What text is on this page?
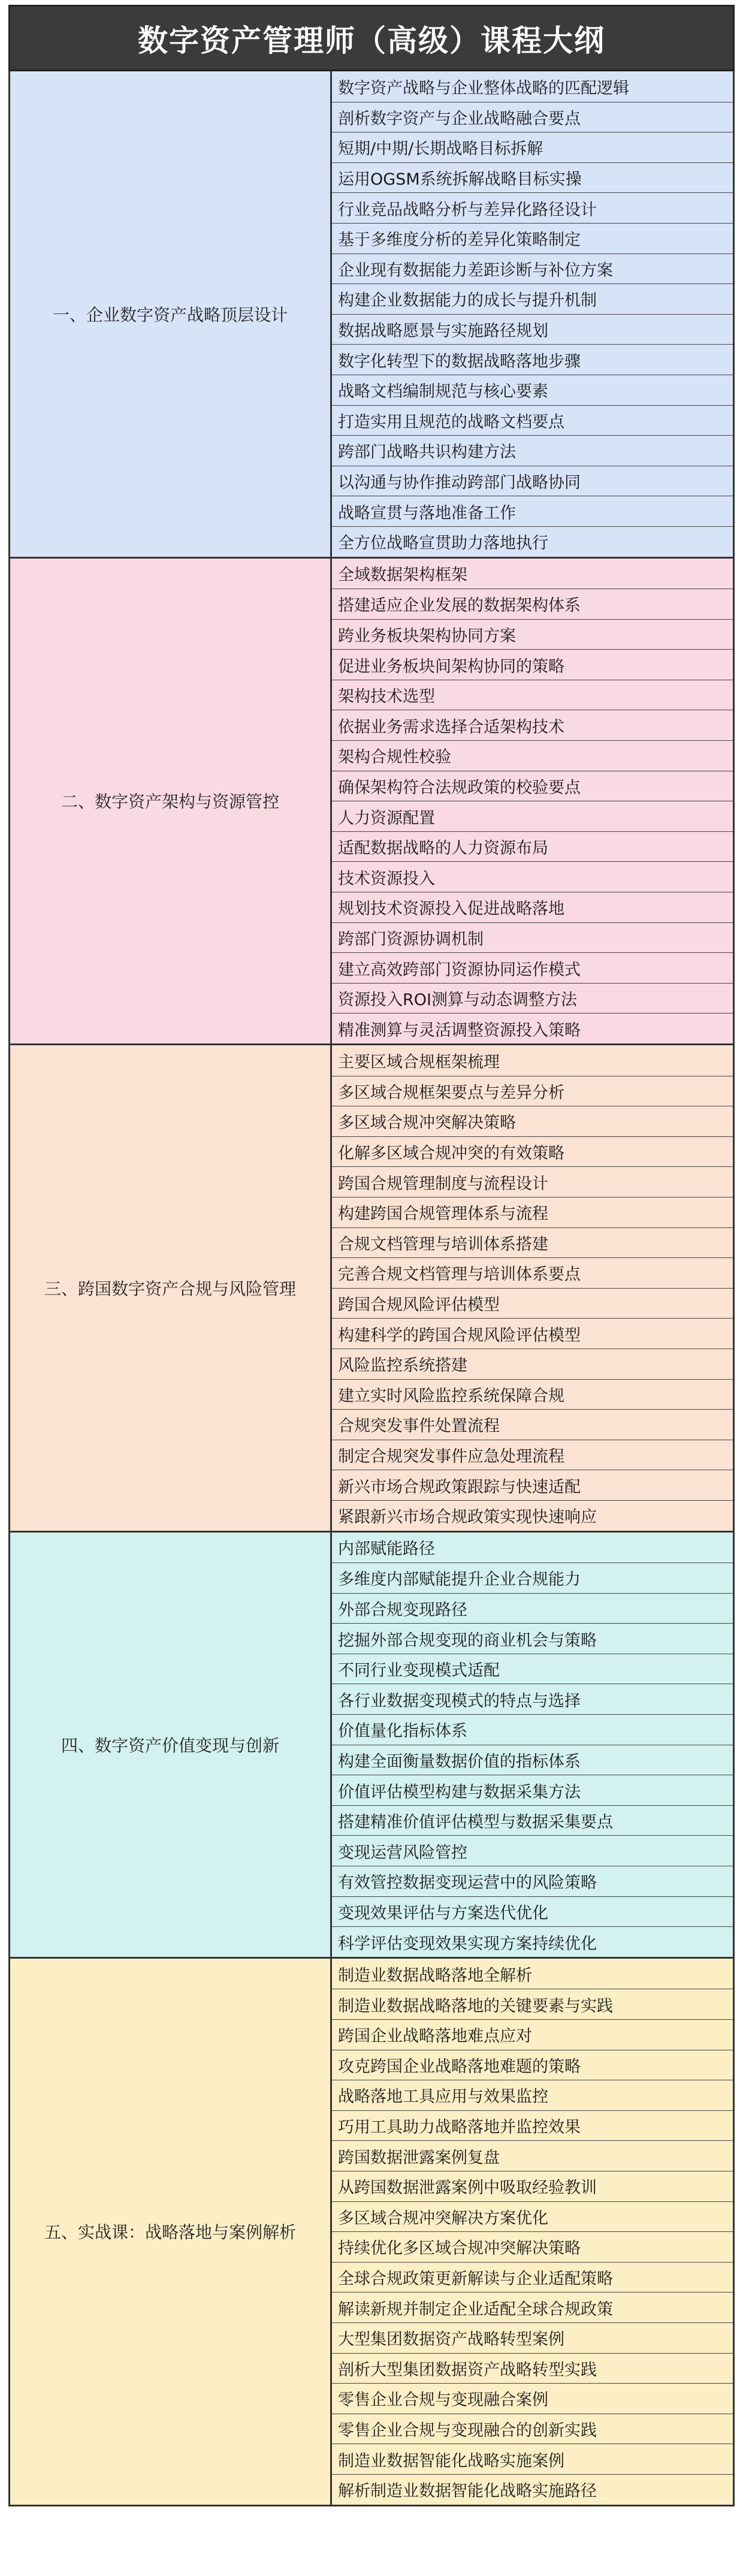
数字资产管理师（高级）课程大纲
一、企业数字资产战略顶层设计
数字资产战略与企业整体战略的匹配逻辑
剖析数字资产与企业战略融合要点
短期/中期/长期战略目标拆解
运用OGSM系统拆解战略目标实操
行业竞品战略分析与差异化路径设计
基于多维度分析的差异化策略制定
企业现有数据能力差距诊断与补位方案
构建企业数据能力的成长与提升机制
数据战略愿景与实施路径规划
数字化转型下的数据战略落地步骤
战略文档编制规范与核心要素
打造实用且规范的战略文档要点
跨部门战略共识构建方法
以沟通与协作推动跨部门战略协同
战略宣贯与落地准备工作
全方位战略宣贯助力落地执行
二、数字资产架构与资源管控
全域数据架构框架
搭建适应企业发展的数据架构体系
跨业务板块架构协同方案
促进业务板块间架构协同的策略
架构技术选型
依据业务需求选择合适架构技术
架构合规性校验
确保架构符合法规政策的校验要点
人力资源配置
适配数据战略的人力资源布局
技术资源投入
规划技术资源投入促进战略落地
跨部门资源协调机制
建立高效跨部门资源协同运作模式
资源投入ROI测算与动态调整方法
精准测算与灵活调整资源投入策略
三、跨国数字资产合规与风险管理
主要区域合规框架梳理
多区域合规框架要点与差异分析
多区域合规冲突解决策略
化解多区域合规冲突的有效策略
跨国合规管理制度与流程设计
构建跨国合规管理体系与流程
合规文档管理与培训体系搭建
完善合规文档管理与培训体系要点
跨国合规风险评估模型
构建科学的跨国合规风险评估模型
风险监控系统搭建
建立实时风险监控系统保障合规
合规突发事件处置流程
制定合规突发事件应急处理流程
新兴市场合规政策跟踪与快速适配
紧跟新兴市场合规政策实现快速响应
四、数字资产价值变现与创新
内部赋能路径
多维度内部赋能提升企业合规能力
外部合规变现路径
挖掘外部合规变现的商业机会与策略
不同行业变现模式适配
各行业数据变现模式的特点与选择
价值量化指标体系
构建全面衡量数据价值的指标体系
价值评估模型构建与数据采集方法
搭建精准价值评估模型与数据采集要点
变现运营风险管控
有效管控数据变现运营中的风险策略
变现效果评估与方案迭代优化
科学评估变现效果实现方案持续优化
五、实战课：战略落地与案例解析
制造业数据战略落地全解析
制造业数据战略落地的关键要素与实践
跨国企业战略落地难点应对
攻克跨国企业战略落地难题的策略
战略落地工具应用与效果监控
巧用工具助力战略落地并监控效果
跨国数据泄露案例复盘
从跨国数据泄露案例中吸取经验教训
多区域合规冲突解决方案优化
持续优化多区域合规冲突解决策略
全球合规政策更新解读与企业适配策略
解读新规并制定企业适配全球合规政策
大型集团数据资产战略转型案例
剖析大型集团数据资产战略转型实践
零售企业合规与变现融合案例
零售企业合规与变现融合的创新实践
制造业数据智能化战略实施案例
解析制造业数据智能化战略实施路径
